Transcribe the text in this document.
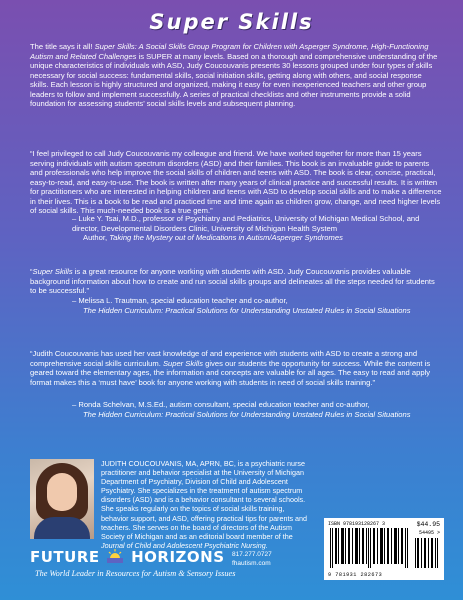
Super Skills
The title says it all! Super Skills: A Social Skills Group Program for Children with Asperger Syndrome, High-Functioning Autism and Related Challenges is SUPER at many levels. Based on a thorough and comprehensive understanding of the unique characteristics of individuals with ASD, Judy Coucouvanis presents 30 lessons grouped under four types of skills necessary for social success: fundamental skills, social initiation skills, getting along with others, and social response skills. Each lesson is highly structured and organized, making it easy for even inexperienced teachers and other group leaders to follow and implement successfully. A series of practical checklists and other instruments provide a solid foundation for assessing students’ social skills levels and subsequent planning.
“I feel privileged to call Judy Coucouvanis my colleague and friend. We have worked together for more than 15 years serving individuals with autism spectrum disorders (ASD) and their families. This book is an invaluable guide to parents and professionals who help improve the social skills of children and teens with ASD. The book is clear, concise, practical, easy-to-read, and easy-to-use. The book is written after many years of clinical practice and successful results. It is written for practitioners who are interested in helping children and teens with ASD to develop social skills and to make a difference in their lives. This is a book to be read and practiced time and time again as children grow, change, and need higher levels of social skills. This much-needed book is a true gem.”
– Luke Y. Tsai, M.D., professor of Psychiatry and Pediatrics, University of Michigan Medical School, and director, Developmental Disorders Clinic, University of Michigan Health System
Author, Taking the Mystery out of Medications in Autism/Asperger Syndromes
“Super Skills is a great resource for anyone working with students with ASD. Judy Coucouvanis provides valuable background information about how to create and run social skills groups and delineates all the steps needed for students to be successful.”
– Melissa L. Trautman, special education teacher and co-author,

The Hidden Curriculum: Practical Solutions for Understanding Unstated Rules in Social Situations
“Judith Coucouvanis has used her vast knowledge of and experience with students with ASD to create a strong and comprehensive social skills curriculum. Super Skills gives our students the opportunity for success. While the content is geared toward the elementary ages, the information and concepts are valuable for all ages. The easy to read and apply format makes this a ‘must have’ book for anyone working with students in need of social skills training.”
– Ronda Schelvan, M.S.Ed., autism consultant, special education teacher and co-author,

The Hidden Curriculum: Practical Solutions for Understanding Unstated Rules in Social Situations
JUDITH COUCOUVANIS, MA, APRN, BC, is a psychiatric nurse practitioner and behavior specialist at the University of Michigan Department of Psychiatry, Division of Child and Adolescent Psychiatry. She specializes in the treatment of autism spectrum disorders (ASD) and is a behavior consultant to several schools. She speaks regularly on the topics of social skills training, behavior support, and ASD, offering practical tips for parents and teachers. She serves on the board of directors of the Autism Society of Michigan and as an editorial board member of the Journal of Child and Adolescent Psychiatric Nursing.
ISBN 978193128267 3	$44.95
54495 >
9 781931 282673
FUTURE HORIZONS 817.277.0727
fhautism.com
The World Leader in Resources for Autism & Sensory Issues
